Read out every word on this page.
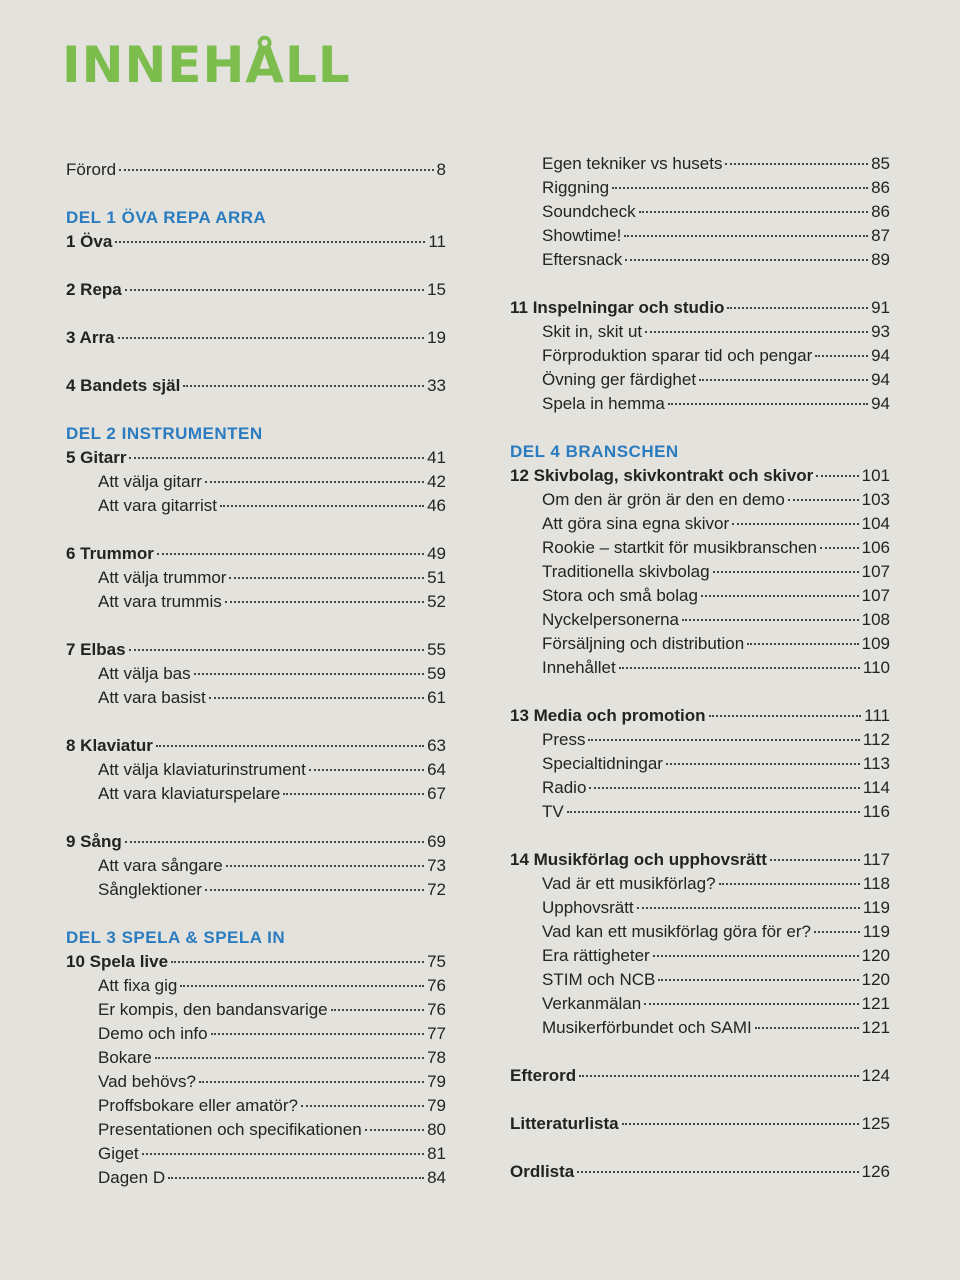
INNEHÅLL
Förord	8
DEL 1 ÖVA REPA ARRA
1 Öva	11
2 Repa	15
3 Arra	19
4 Bandets själ	33
DEL 2 INSTRUMENTEN
5 Gitarr	41
Att välja gitarr	42
Att vara gitarrist	46
6 Trummor	49
Att välja trummor	51
Att vara trummis	52
7 Elbas	55
Att välja bas	59
Att vara basist	61
8 Klaviatur	63
Att välja klaviaturinstrument	64
Att vara klaviaturspelare	67
9 Sång	69
Att vara sångare	73
Sånglektioner	72
DEL 3 SPELA & SPELA IN
10 Spela live	75
Att fixa gig	76
Er kompis, den bandansvarige	76
Demo och info	77
Bokare	78
Vad behövs?	79
Proffsbokare eller amatör?	79
Presentationen och specifikationen	80
Giget	81
Dagen D	84
Egen tekniker vs husets	85
Riggning	86
Soundcheck	86
Showtime!	87
Eftersnack	89
11 Inspelningar och studio	91
Skit in, skit ut	93
Förproduktion sparar tid och pengar	94
Övning ger färdighet	94
Spela in hemma	94
DEL 4 BRANSCHEN
12 Skivbolag, skivkontrakt och skivor	101
Om den är grön är den en demo	103
Att göra sina egna skivor	104
Rookie – startkit för musikbranschen	106
Traditionella skivbolag	107
Stora och små bolag	107
Nyckelpersonerna	108
Försäljning och distribution	109
Innehållet	110
13 Media och promotion	111
Press	112
Specialtidningar	113
Radio	114
TV	116
14 Musikförlag och upphovsrätt	117
Vad är ett musikförlag?	118
Upphovsrätt	119
Vad kan ett musikförlag göra för er?	119
Era rättigheter	120
STIM och NCB	120
Verkanmälan	121
Musikerförbundet och SAMI	121
Efterord	124
Litteraturlista	125
Ordlista	126
